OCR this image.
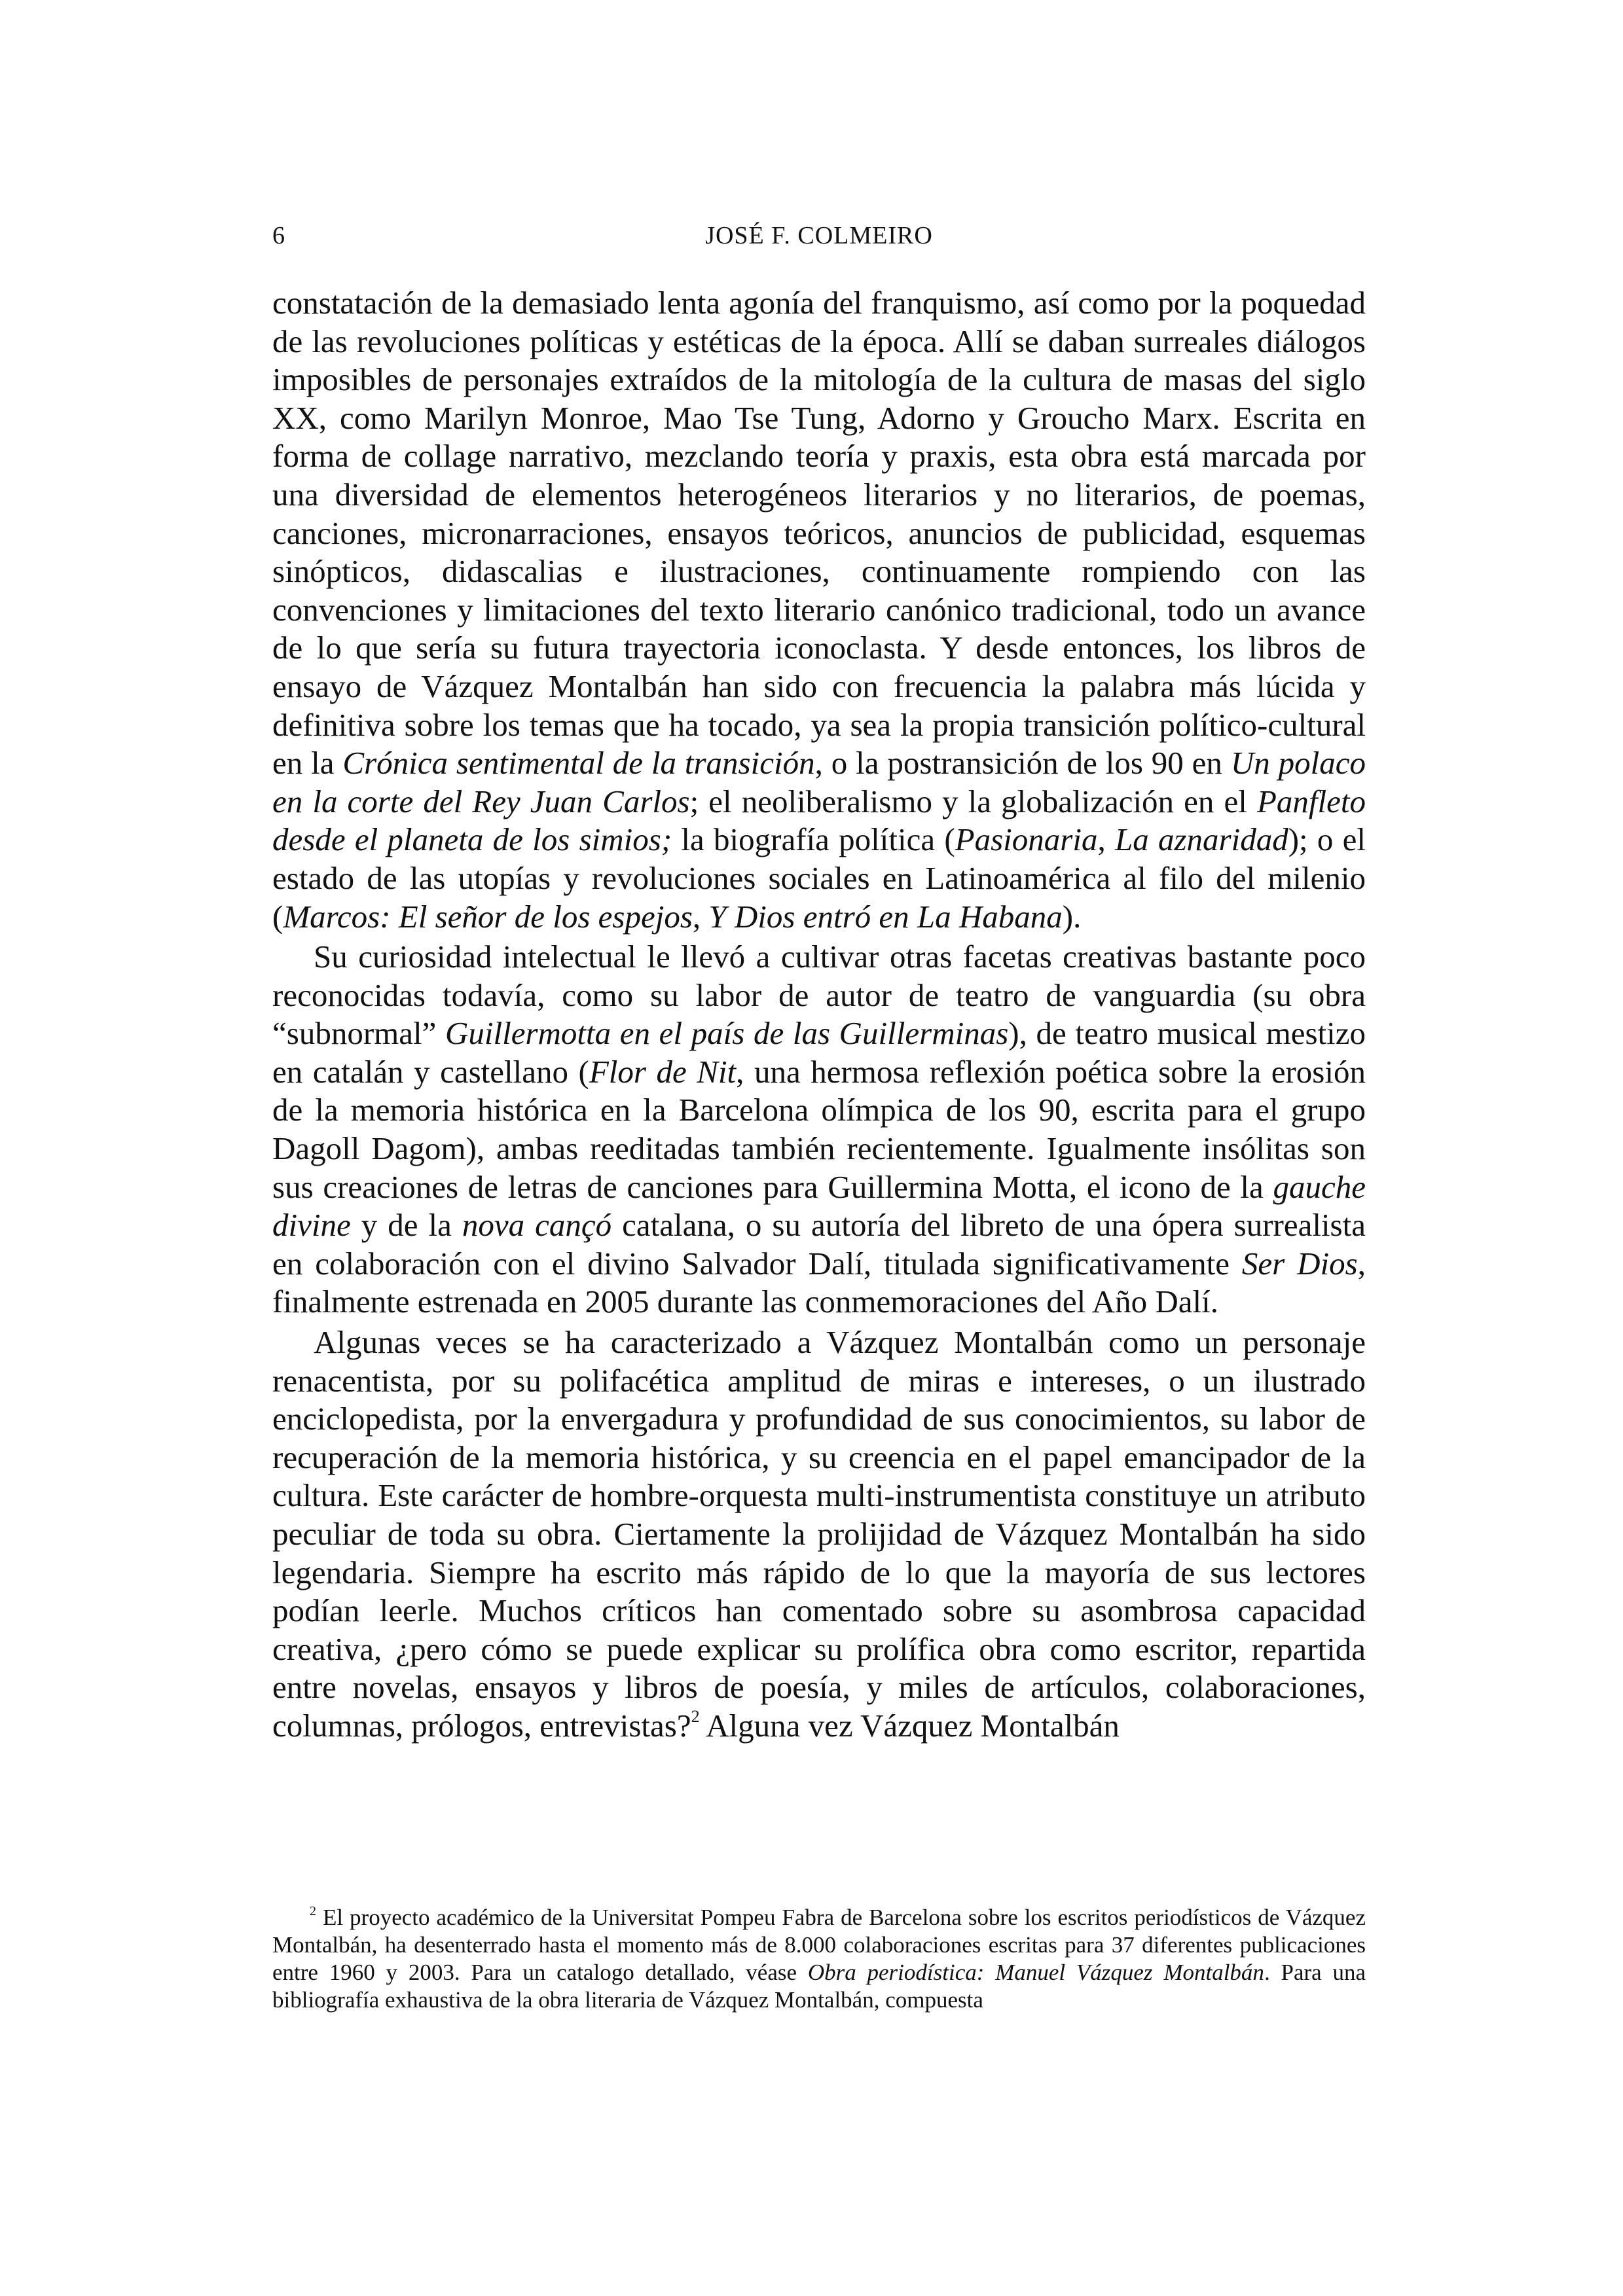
6	JOSÉ F. COLMEIRO

constatación de la demasiado lenta agonía del franquismo, así como por la poquedad de las revoluciones políticas y estéticas de la época. Allí se daban surreales diálogos imposibles de personajes extraídos de la mitología de la cultura de masas del siglo XX, como Marilyn Monroe, Mao Tse Tung, Adorno y Groucho Marx. Escrita en forma de collage narrativo, mezclando teoría y praxis, esta obra está marcada por una diversidad de elementos heterogéneos literarios y no literarios, de poemas, canciones, micronarraciones, ensayos teóricos, anuncios de publicidad, esquemas sinópticos, didascalias e ilustraciones, continuamente rompiendo con las convenciones y limitaciones del texto literario canónico tradicional, todo un avance de lo que sería su futura trayectoria iconoclasta. Y desde entonces, los libros de ensayo de Vázquez Montalbán han sido con frecuencia la palabra más lúcida y definitiva sobre los temas que ha tocado, ya sea la propia transición político-cultural en la Crónica sentimental de la transición, o la postransición de los 90 en Un polaco en la corte del Rey Juan Carlos; el neoliberalismo y la globalización en el Panfleto desde el planeta de los simios; la biografía política (Pasionaria, La aznaridad); o el estado de las utopías y revoluciones sociales en Latinoamérica al filo del milenio (Marcos: El señor de los espejos, Y Dios entró en La Habana).

Su curiosidad intelectual le llevó a cultivar otras facetas creativas bastante poco reconocidas todavía, como su labor de autor de teatro de vanguardia (su obra “subnormal” Guillermotta en el país de las Guillerminas), de teatro musical mestizo en catalán y castellano (Flor de Nit, una hermosa reflexión poética sobre la erosión de la memoria histórica en la Barcelona olímpica de los 90, escrita para el grupo Dagoll Dagom), ambas reeditadas también recientemente. Igualmente insólitas son sus creaciones de letras de canciones para Guillermina Motta, el icono de la gauche divine y de la nova cançó catalana, o su autoría del libreto de una ópera surrealista en colaboración con el divino Salvador Dalí, titulada significativamente Ser Dios, finalmente estrenada en 2005 durante las conmemoraciones del Año Dalí.

Algunas veces se ha caracterizado a Vázquez Montalbán como un personaje renacentista, por su polifacética amplitud de miras e intereses, o un ilustrado enciclopedista, por la envergadura y profundidad de sus conocimientos, su labor de recuperación de la memoria histórica, y su creencia en el papel emancipador de la cultura. Este carácter de hombre-orquesta multi-instrumentista constituye un atributo peculiar de toda su obra. Ciertamente la prolijidad de Vázquez Montalbán ha sido legendaria. Siempre ha escrito más rápido de lo que la mayoría de sus lectores podían leerle. Muchos críticos han comentado sobre su asombrosa capacidad creativa, ¿pero cómo se puede explicar su prolífica obra como escritor, repartida entre novelas, ensayos y libros de poesía, y miles de artículos, colaboraciones, columnas, prólogos, entrevistas?$^2$ Alguna vez Vázquez Montalbán

$^2$ El proyecto académico de la Universitat Pompeu Fabra de Barcelona sobre los escritos periodísticos de Vázquez Montalbán, ha desenterrado hasta el momento más de 8.000 colaboraciones escritas para 37 diferentes publicaciones entre 1960 y 2003. Para un catalogo detallado, véase Obra periodística: Manuel Vázquez Montalbán. Para una bibliografía exhaustiva de la obra literaria de Vázquez Montalbán, compuesta
